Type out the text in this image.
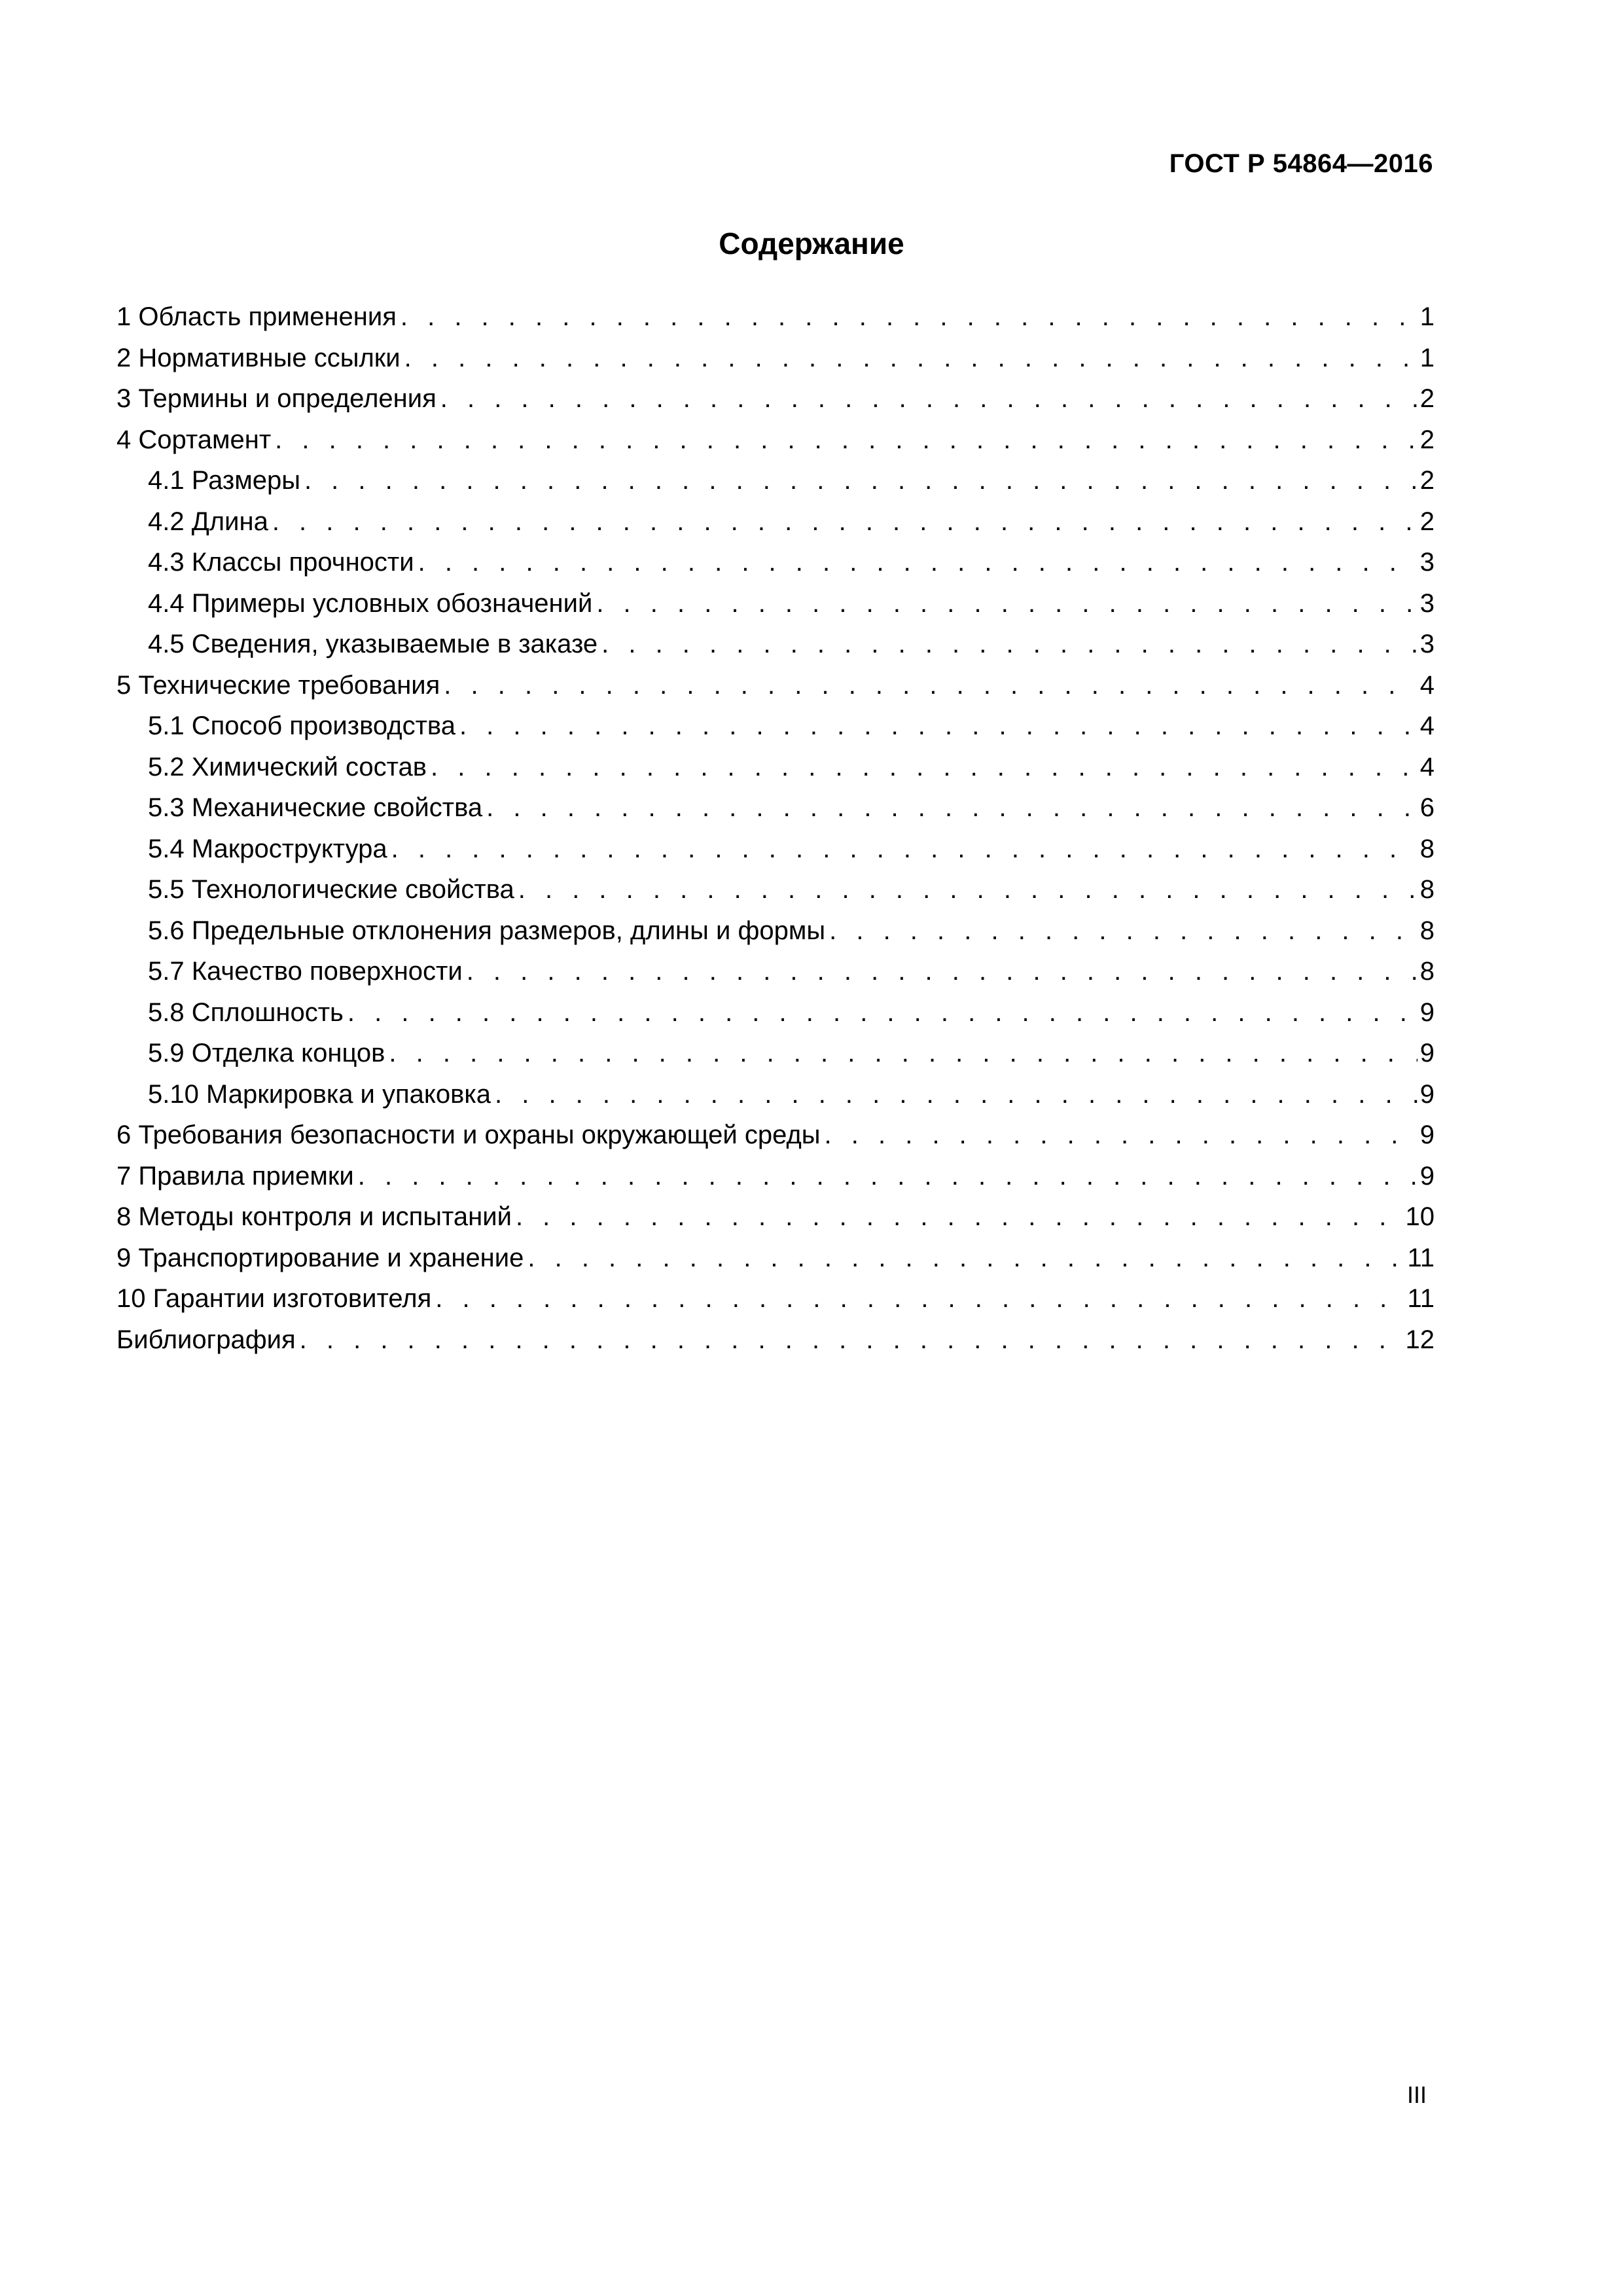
ГОСТ Р 54864—2016
Содержание
1 Область применения . . .	1
2 Нормативные ссылки . . .	1
3 Термины и определения . . .	2
4 Сортамент . . .	2
4.1 Размеры . . .	2
4.2 Длина . . .	2
4.3 Классы прочности . . .	3
4.4 Примеры условных обозначений . . .	3
4.5 Сведения, указываемые в заказе . . .	3
5 Технические требования . . .	4
5.1 Способ производства . . .	4
5.2 Химический состав . . .	4
5.3 Механические свойства . . .	6
5.4 Макроструктура . . .	8
5.5 Технологические свойства . . .	8
5.6 Предельные отклонения размеров, длины и формы . . .	8
5.7 Качество поверхности . . .	8
5.8 Сплошность . . .	9
5.9 Отделка концов . . .	9
5.10 Маркировка и упаковка . . .	9
6 Требования безопасности и охраны окружающей среды . . .	9
7 Правила приемки . . .	9
8 Методы контроля и испытаний . . .	10
9 Транспортирование и хранение . . .	11
10 Гарантии изготовителя . . .	11
Библиография . . .	12
III
